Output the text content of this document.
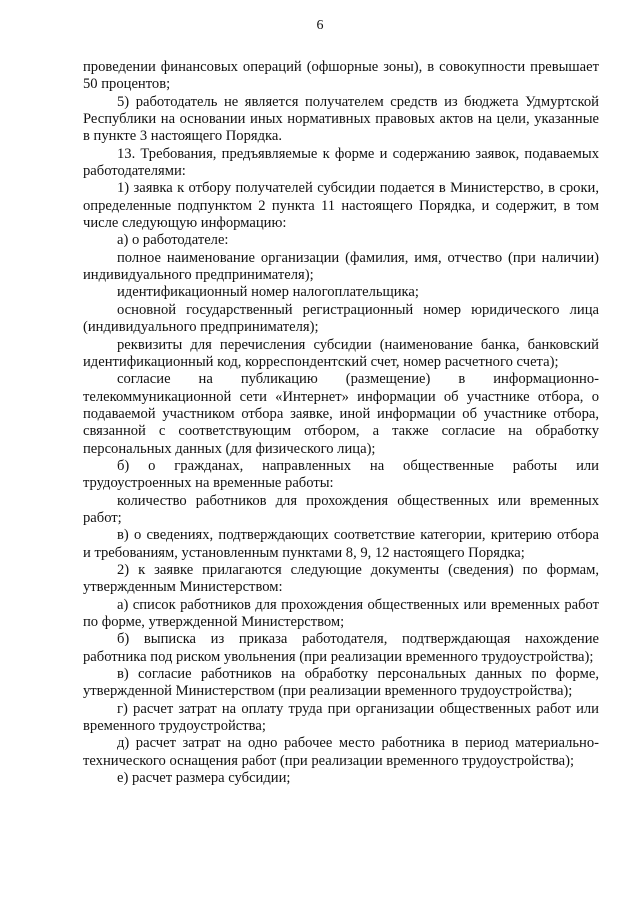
6

проведении финансовых операций (офшорные зоны), в совокупности превышает 50 процентов;

5) работодатель не является получателем средств из бюджета Удмуртской Республики на основании иных нормативных правовых актов на цели, указанные в пункте 3 настоящего Порядка.

13. Требования, предъявляемые к форме и содержанию заявок, подаваемых работодателями:

1) заявка к отбору получателей субсидии подается в Министерство, в сроки, определенные подпунктом 2 пункта 11 настоящего Порядка, и содержит, в том числе следующую информацию:

а) о работодателе:

полное наименование организации (фамилия, имя, отчество (при наличии) индивидуального предпринимателя);

идентификационный номер налогоплательщика;

основной государственный регистрационный номер юридического лица (индивидуального предпринимателя);

реквизиты для перечисления субсидии (наименование банка, банковский идентификационный код, корреспондентский счет, номер расчетного счета);

согласие на публикацию (размещение) в информационно-телекоммуникационной сети «Интернет» информации об участнике отбора, о подаваемой участником отбора заявке, иной информации об участнике отбора, связанной с соответствующим отбором, а также согласие на обработку персональных данных (для физического лица);

б) о гражданах, направленных на общественные работы или трудоустроенных на временные работы:

количество работников для прохождения общественных или временных работ;

в) о сведениях, подтверждающих соответствие категории, критерию отбора и требованиям, установленным пунктами 8, 9, 12 настоящего Порядка;

2) к заявке прилагаются следующие документы (сведения) по формам, утвержденным Министерством:

а) список работников для прохождения общественных или временных работ по форме, утвержденной Министерством;

б) выписка из приказа работодателя, подтверждающая нахождение работника под риском увольнения (при реализации временного трудоустройства);

в) согласие работников на обработку персональных данных по форме, утвержденной Министерством (при реализации временного трудоустройства);

г) расчет затрат на оплату труда при организации общественных работ или временного трудоустройства;

д) расчет затрат на одно рабочее место работника в период материально-технического оснащения работ (при реализации временного трудоустройства);

е) расчет размера субсидии;
